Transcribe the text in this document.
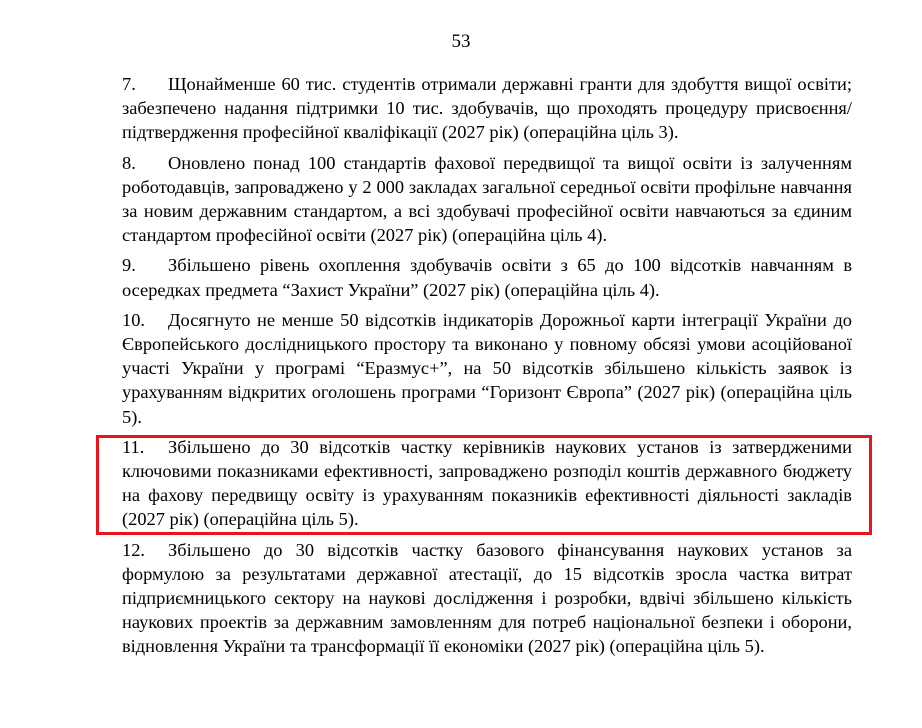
53

7. Щонайменше 60 тис. студентів отримали державні гранти для здобуття вищої освіти; забезпечено надання підтримки 10 тис. здобувачів, що проходять процедуру присвоєння/підтвердження професійної кваліфікації (2027 рік) (операційна ціль 3).

8. Оновлено понад 100 стандартів фахової передвищої та вищої освіти із залученням роботодавців, запроваджено у 2 000 закладах загальної середньої освіти профільне навчання за новим державним стандартом, а всі здобувачі професійної освіти навчаються за єдиним стандартом професійної освіти (2027 рік) (операційна ціль 4).

9. Збільшено рівень охоплення здобувачів освіти з 65 до 100 відсотків навчанням в осередках предмета “Захист України” (2027 рік) (операційна ціль 4).

10. Досягнуто не менше 50 відсотків індикаторів Дорожньої карти інтеграції України до Європейського дослідницького простору та виконано у повному обсязі умови асоційованої участі України у програмі “Еразмус+”, на 50 відсотків збільшено кількість заявок із урахуванням відкритих оголошень програми “Горизонт Європа” (2027 рік) (операційна ціль 5).

11. Збільшено до 30 відсотків частку керівників наукових установ із затвердженими ключовими показниками ефективності, запроваджено розподіл коштів державного бюджету на фахову передвищу освіту із урахуванням показників ефективності діяльності закладів (2027 рік) (операційна ціль 5).

12. Збільшено до 30 відсотків частку базового фінансування наукових установ за формулою за результатами державної атестації, до 15 відсотків зросла частка витрат підприємницького сектору на наукові дослідження і розробки, вдвічі збільшено кількість наукових проектів за державним замовленням для потреб національної безпеки і оборони, відновлення України та трансформації її економіки (2027 рік) (операційна ціль 5).
